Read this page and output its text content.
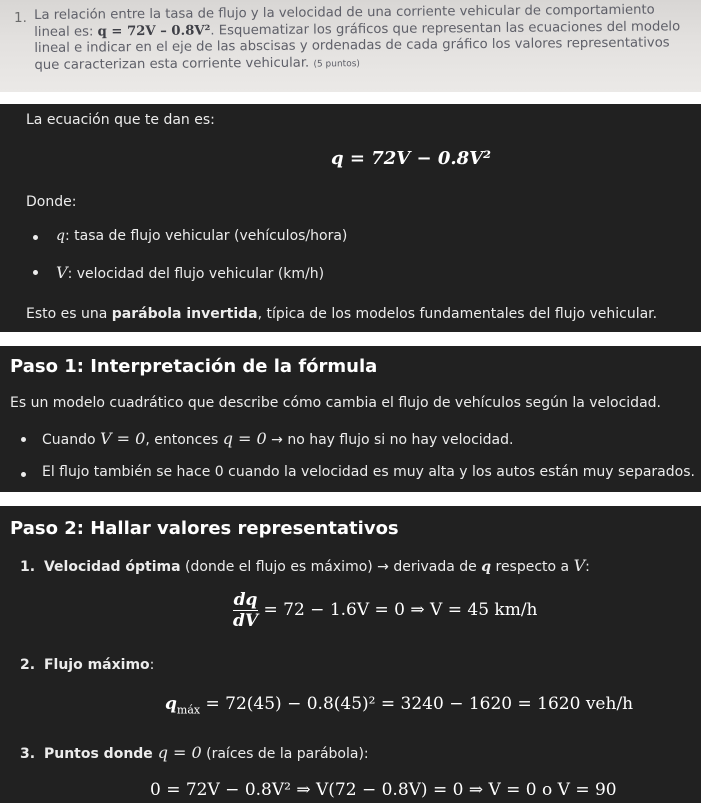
1. La relación entre la tasa de flujo y la velocidad de una corriente vehicular de comportamiento
lineal es: q = 72V – 0.8V². Esquematizar los gráficos que representan las ecuaciones del modelo
lineal e indicar en el eje de las abscisas y ordenadas de cada gráfico los valores representativos
que caracterizan esta corriente vehicular. (5 puntos)
La ecuación que te dan es:
q = 72V − 0.8V²
Donde:
q: tasa de flujo vehicular (vehículos/hora)
V: velocidad del flujo vehicular (km/h)
Esto es una parábola invertida, típica de los modelos fundamentales del flujo vehicular.
Paso 1: Interpretación de la fórmula
Es un modelo cuadrático que describe cómo cambia el flujo de vehículos según la velocidad.
Cuando V = 0, entonces q = 0 → no hay flujo si no hay velocidad.
El flujo también se hace 0 cuando la velocidad es muy alta y los autos están muy separados.
Paso 2: Hallar valores representativos
1. Velocidad óptima (donde el flujo es máximo) → derivada de q respecto a V:
$\frac{dq}{dV} = 72 - 1.6V = 0$ ⇒ V = 45 km/h
2. Flujo máximo:
$q_{máx} = 72(45) - 0.8(45)^2 = 3240 - 1620 = 1620$ veh/h
3. Puntos donde q = 0 (raíces de la parábola):
0 = 72V − 0.8V² ⇒ V(72 − 0.8V) = 0 ⇒ V = 0 o V = 90
